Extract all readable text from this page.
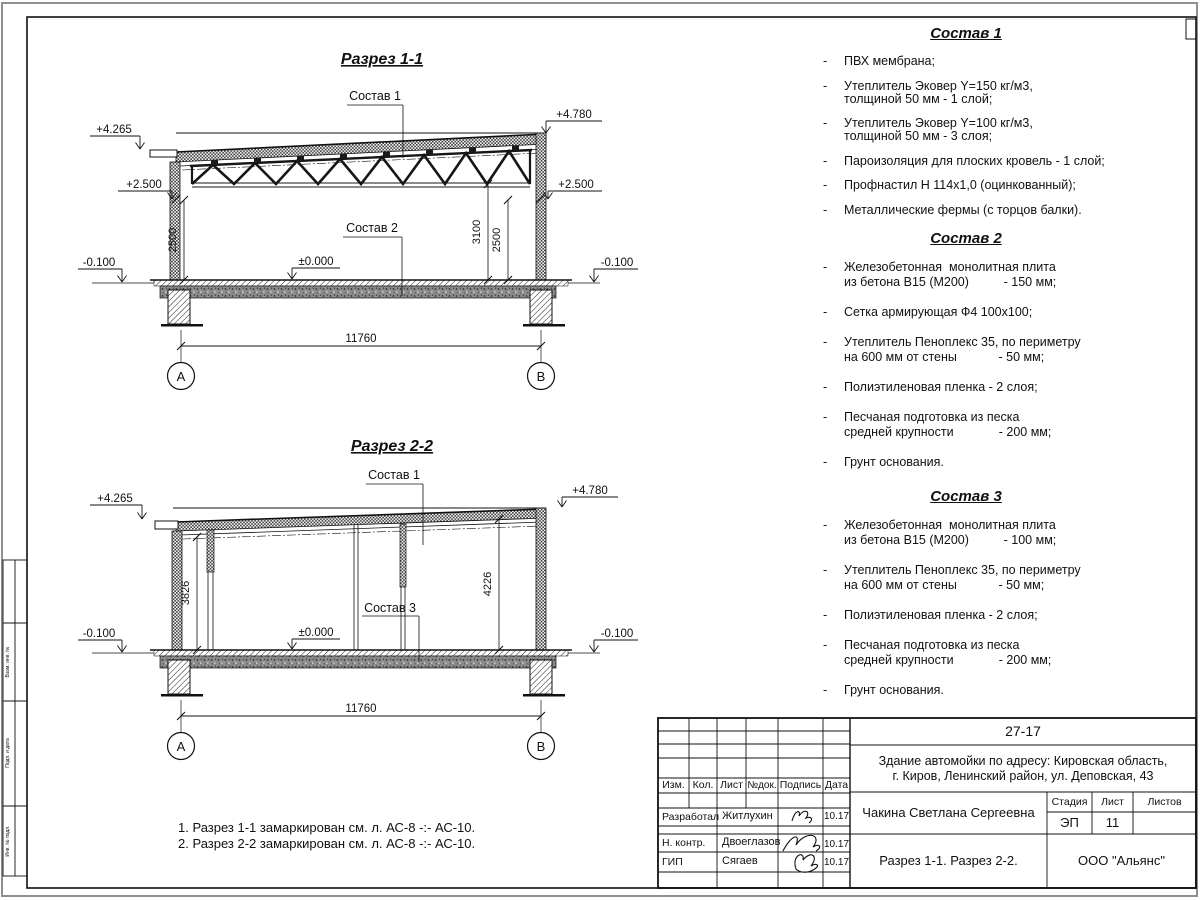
Взам. инв. №
Подп. и дата
Инв. № подл.
Разрез 1-1
Состав 1
Состав 2
+4.265
+4.780
+2.500	+2.500
±0.000
-0.100	-0.100
2500	3100 2500
11760
А	В
Разрез 2-2
Состав 1
Состав 3
+4.265
+4.780
±0.000
-0.100	-0.100
3826	4226
11760
А	В
Состав 1
- ПВХ мембрана;
- Утеплитель Эковер Y=150 кг/м3,
толщиной 50 мм - 1 слой;
- Утеплитель Эковер Y=100 кг/м3,
толщиной 50 мм - 3 слоя;
- Пароизоляция для плоских кровель - 1 слой;
- Профнастил Н 114х1,0 (оцинкованный);
- Металлические фермы (с торцов балки).
Состав 2
- Железобетонная  монолитная плита
из бетона В15 (М200)          - 150 мм;
- Сетка армирующая Ф4 100х100;
- Утеплитель Пеноплекс 35, по периметру
на 600 мм от стены            - 50 мм;
- Полиэтиленовая пленка - 2 слоя;
- Песчаная подготовка из песка
средней крупности             - 200 мм;
- Грунт основания.
Состав 3
- Железобетонная  монолитная плита
из бетона В15 (М200)          - 100 мм;
- Утеплитель Пеноплекс 35, по периметру
на 600 мм от стены            - 50 мм;
- Полиэтиленовая пленка - 2 слоя;
- Песчаная подготовка из песка
средней крупности             - 200 мм;
- Грунт основания.
1. Разрез 1-1 замаркирован см. л. АС-8 -:- АС-10.
2. Разрез 2-2 замаркирован см. л. АС-8 -:- АС-10.
Изм. Кол. Лист №док. Подпись Дата
Разработал Житлухин	10.17
Н. контр.	Двоеглазов	10.17
ГИП	Сягаев	10.17
27-17
Здание автомойки по адресу: Кировская область,
г. Киров, Ленинский район, ул. Деповская, 43
Чакина Светлана Сергеевна
Стадия	Лист	Листов
ЭП	11
Разрез 1-1. Разрез 2-2.	ООО "Альянс"
